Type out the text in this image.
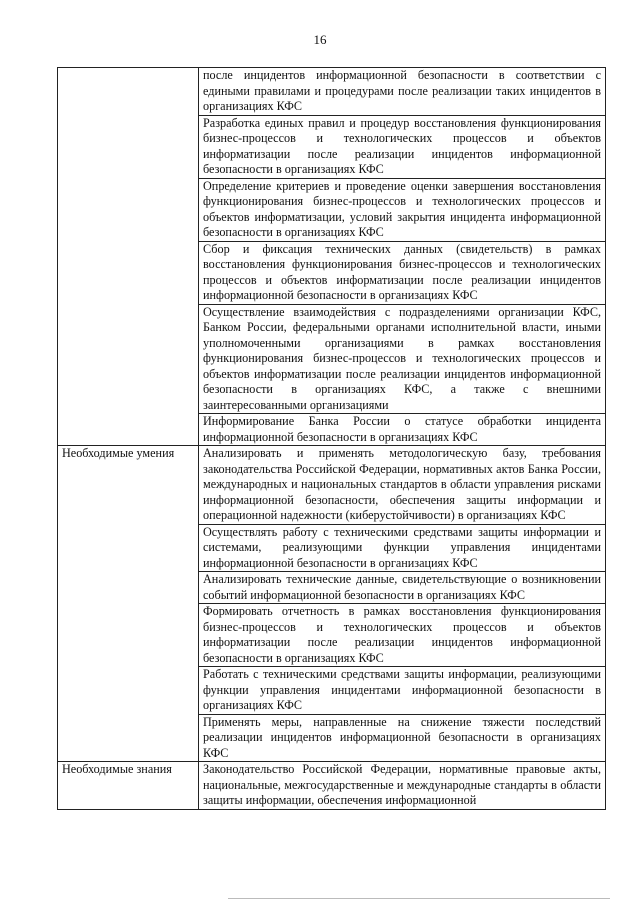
16

	после инцидентов информационной безопасности в соответствии с едиными правилами и процедурами после реализации таких инцидентов в организациях КФС

	Разработка единых правил и процедур восстановления функционирования бизнес-процессов и технологических процессов и объектов информатизации после реализации инцидентов информационной безопасности в организациях КФС

	Определение критериев и проведение оценки завершения восстановления функционирования бизнес-процессов и технологических процессов и объектов информатизации, условий закрытия инцидента информационной безопасности в организациях КФС

	Сбор и фиксация технических данных (свидетельств) в рамках восстановления функционирования бизнес-процессов и технологических процессов и объектов информатизации после реализации инцидентов информационной безопасности в организациях КФС

	Осуществление взаимодействия с подразделениями организации КФС, Банком России, федеральными органами исполнительной власти, иными уполномоченными организациями в рамках восстановления функционирования бизнес-процессов и технологических процессов и объектов информатизации после реализации инцидентов информационной безопасности в организациях КФС, а также с внешними заинтересованными организациями

	Информирование Банка России о статусе обработки инцидента информационной безопасности в организациях КФС

Необходимые умения	Анализировать и применять методологическую базу, требования законодательства Российской Федерации, нормативных актов Банка России, международных и национальных стандартов в области управления рисками информационной безопасности, обеспечения защиты информации и операционной надежности (киберустойчивости) в организациях КФС

	Осуществлять работу с техническими средствами защиты информации и системами, реализующими функции управления инцидентами информационной безопасности в организациях КФС

	Анализировать технические данные, свидетельствующие о возникновении событий информационной безопасности в организациях КФС

	Формировать отчетность в рамках восстановления функционирования бизнес-процессов и технологических процессов и объектов информатизации после реализации инцидентов информационной безопасности в организациях КФС

	Работать с техническими средствами защиты информации, реализующими функции управления инцидентами информационной безопасности в организациях КФС

	Применять меры, направленные на снижение тяжести последствий реализации инцидентов информационной безопасности в организациях КФС

Необходимые знания	Законодательство Российской Федерации, нормативные правовые акты, национальные, межгосударственные и международные стандарты в области защиты информации, обеспечения информационной
